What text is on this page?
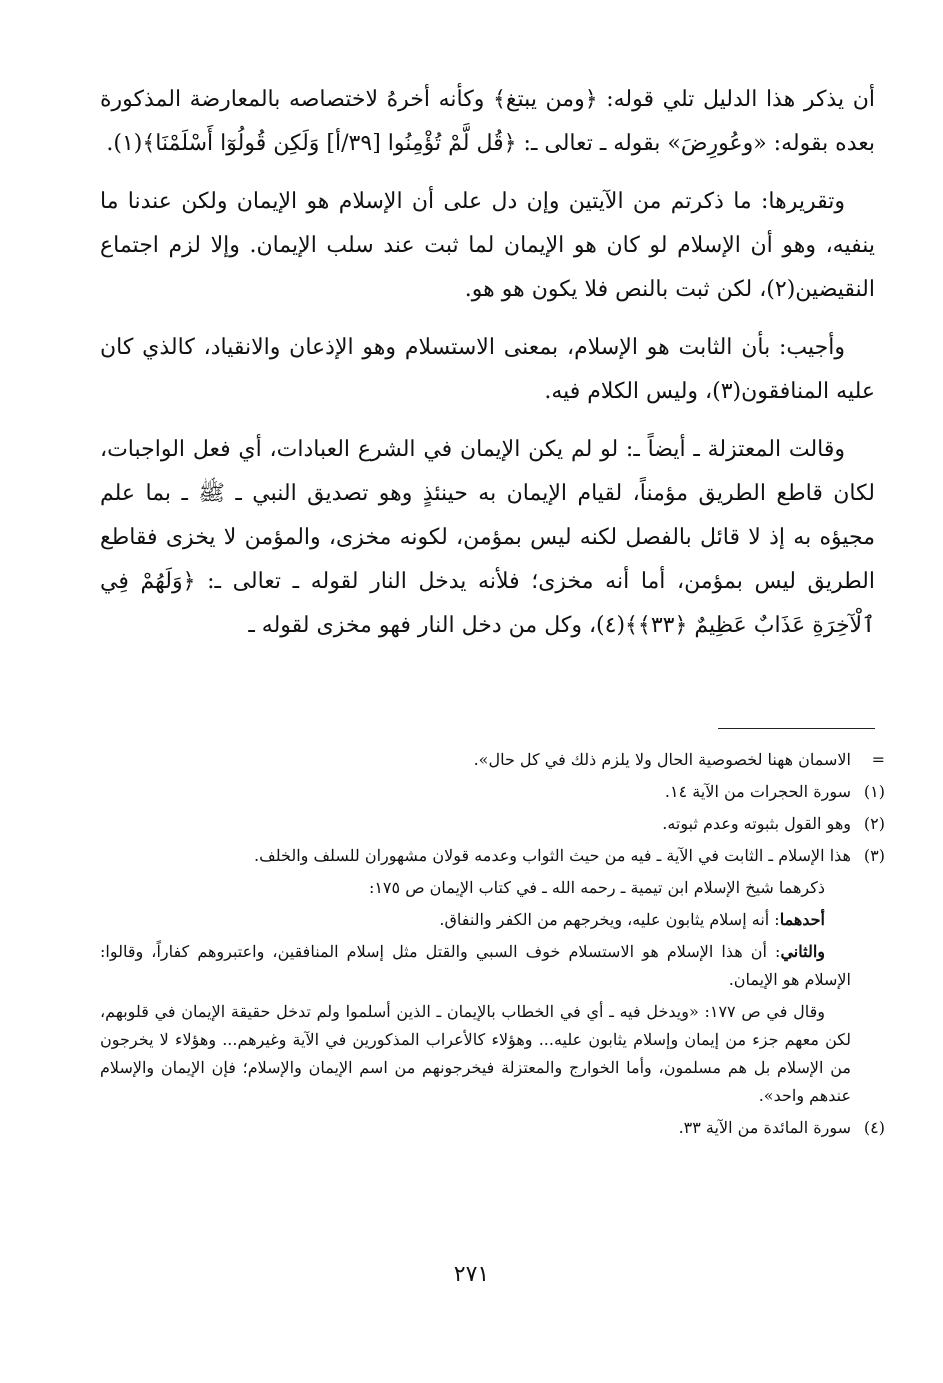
أن يذكر هذا الدليل تلي قوله: ﴿ومن يبتغ﴾ وكأنه أخرهُ لاختصاصه بالمعارضة المذكورة بعده بقوله: «وعُورِضَ» بقوله ـ تعالى ـ: ﴿قُل لَّمْ تُؤْمِنُوا [٣٩/أ] وَلَكِن قُولُوٓا أَسْلَمْنَا﴾(١).

وتقريرها: ما ذكرتم من الآيتين وإن دل على أن الإسلام هو الإيمان ولكن عندنا ما ينفيه، وهو أن الإسلام لو كان هو الإيمان لما ثبت عند سلب الإيمان. وإلا لزم اجتماع النقيضين(٢)، لكن ثبت بالنص فلا يكون هو هو.

وأجيب: بأن الثابت هو الإسلام، بمعنى الاستسلام وهو الإذعان والانقياد، كالذي كان عليه المنافقون(٣)، وليس الكلام فيه.

وقالت المعتزلة ـ أيضاً ـ: لو لم يكن الإيمان في الشرع العبادات، أي فعل الواجبات، لكان قاطع الطريق مؤمناً، لقيام الإيمان به حينئذٍ وهو تصديق النبي ـ ﷺ ـ بما علم مجيؤه به إذ لا قائل بالفصل لكنه ليس بمؤمن، لكونه مخزى، والمؤمن لا يخزى فقاطع الطريق ليس بمؤمن، أما أنه مخزى؛ فلأنه يدخل النار لقوله ـ تعالى ـ: ﴿وَلَهُمْ فِي ٱلْآخِرَةِ عَذَابٌ عَظِيمٌ ﴿٣٣﴾﴾(٤)، وكل من دخل النار فهو مخزى لقوله ـ

=
الاسمان ههنا لخصوصية الحال ولا يلزم ذلك في كل حال».
(١)
سورة الحجرات من الآية ١٤.
(٢)
وهو القول بثبوته وعدم ثبوته.
(٣)
هذا الإسلام ـ الثابت في الآية ـ فيه من حيث الثواب وعدمه قولان مشهوران للسلف والخلف.

ذكرهما شيخ الإسلام ابن تيمية ـ رحمه الله ـ في كتاب الإيمان ص ١٧٥:

أحدهما: أنه إسلام يثابون عليه، ويخرجهم من الكفر والنفاق.

والثاني: أن هذا الإسلام هو الاستسلام خوف السبي والقتل مثل إسلام المنافقين، واعتبروهم كفاراً، وقالوا: الإسلام هو الإيمان.

وقال في ص ١٧٧: «ويدخل فيه ـ أي في الخطاب بالإيمان ـ الذين أسلموا ولم تدخل حقيقة الإيمان في قلوبهم، لكن معهم جزء من إيمان وإسلام يثابون عليه... وهؤلاء كالأعراب المذكورين في الآية وغيرهم... وهؤلاء لا يخرجون من الإسلام بل هم مسلمون، وأما الخوارج والمعتزلة فيخرجونهم من اسم الإيمان والإسلام؛ فإن الإيمان والإسلام عندهم واحد».

(٤)
سورة المائدة من الآية ٣٣.
٢٧١
